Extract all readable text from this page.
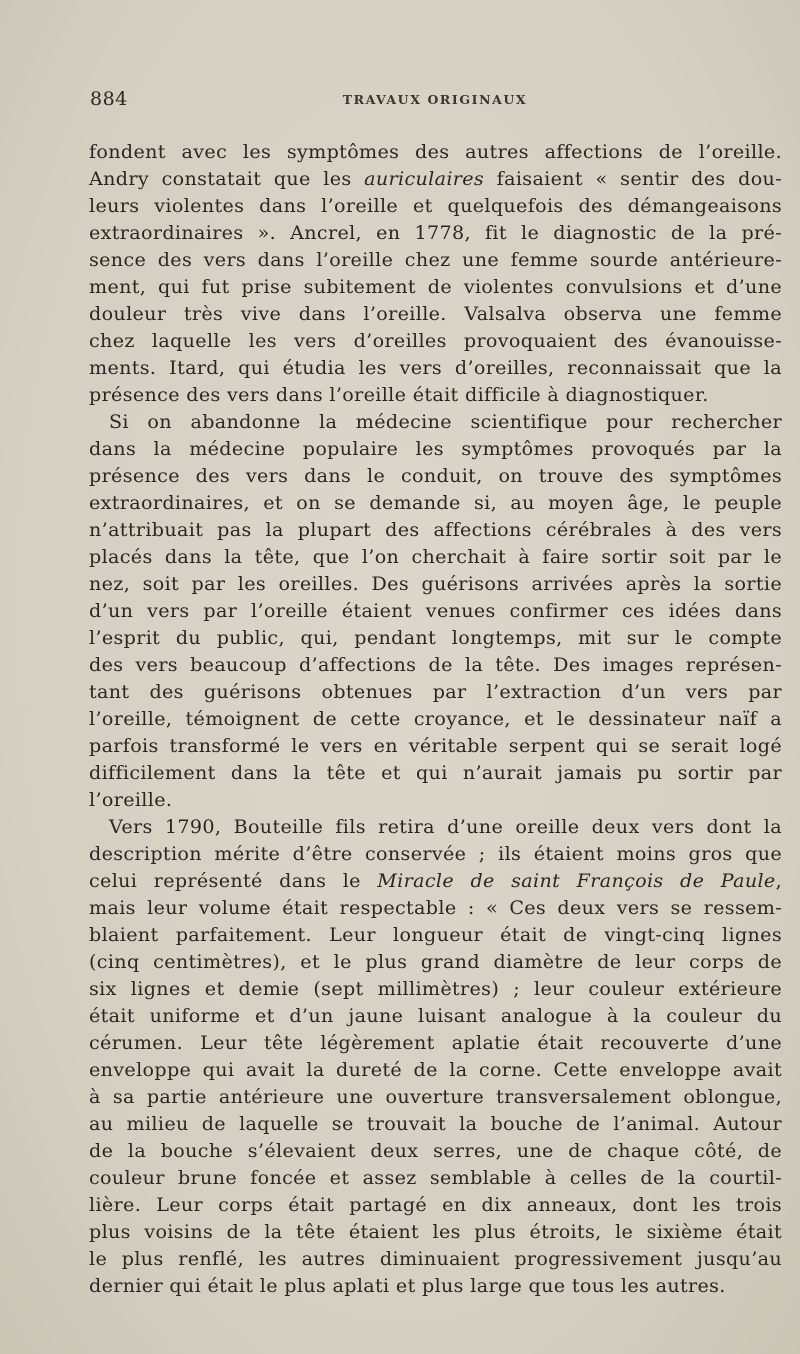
884	TRAVAUX ORIGINAUX
fondent avec les symptômes des autres affections de l’oreille.
Andry constatait que les auriculaires faisaient « sentir des dou-
leurs violentes dans l’oreille et quelquefois des démangeaisons
extraordinaires ». Ancrel, en 1778, fit le diagnostic de la pré-
sence des vers dans l’oreille chez une femme sourde antérieure-
ment, qui fut prise subitement de violentes convulsions et d’une
douleur très vive dans l’oreille. Valsalva observa une femme
chez laquelle les vers d’oreilles provoquaient des évanouisse-
ments. Itard, qui étudia les vers d’oreilles, reconnaissait que la
présence des vers dans l’oreille était difficile à diagnostiquer.
Si on abandonne la médecine scientifique pour rechercher
dans la médecine populaire les symptômes provoqués par la
présence des vers dans le conduit, on trouve des symptômes
extraordinaires, et on se demande si, au moyen âge, le peuple
n’attribuait pas la plupart des affections cérébrales à des vers
placés dans la tête, que l’on cherchait à faire sortir soit par le
nez, soit par les oreilles. Des guérisons arrivées après la sortie
d’un vers par l’oreille étaient venues confirmer ces idées dans
l’esprit du public, qui, pendant longtemps, mit sur le compte
des vers beaucoup d’affections de la tête. Des images représen-
tant des guérisons obtenues par l’extraction d’un vers par
l’oreille, témoignent de cette croyance, et le dessinateur naïf a
parfois transformé le vers en véritable serpent qui se serait logé
difficilement dans la tête et qui n’aurait jamais pu sortir par
l’oreille.
Vers 1790, Bouteille fils retira d’une oreille deux vers dont la
description mérite d’être conservée ; ils étaient moins gros que
celui représenté dans le Miracle de saint François de Paule,
mais leur volume était respectable : « Ces deux vers se ressem-
blaient parfaitement. Leur longueur était de vingt-cinq lignes
(cinq centimètres), et le plus grand diamètre de leur corps de
six lignes et demie (sept millimètres) ; leur couleur extérieure
était uniforme et d’un jaune luisant analogue à la couleur du
cérumen. Leur tête légèrement aplatie était recouverte d’une
enveloppe qui avait la dureté de la corne. Cette enveloppe avait
à sa partie antérieure une ouverture transversalement oblongue,
au milieu de laquelle se trouvait la bouche de l’animal. Autour
de la bouche s’élevaient deux serres, une de chaque côté, de
couleur brune foncée et assez semblable à celles de la courtil-
lière. Leur corps était partagé en dix anneaux, dont les trois
plus voisins de la tête étaient les plus étroits, le sixième était
le plus renflé, les autres diminuaient progressivement jusqu’au
dernier qui était le plus aplati et plus large que tous les autres.
